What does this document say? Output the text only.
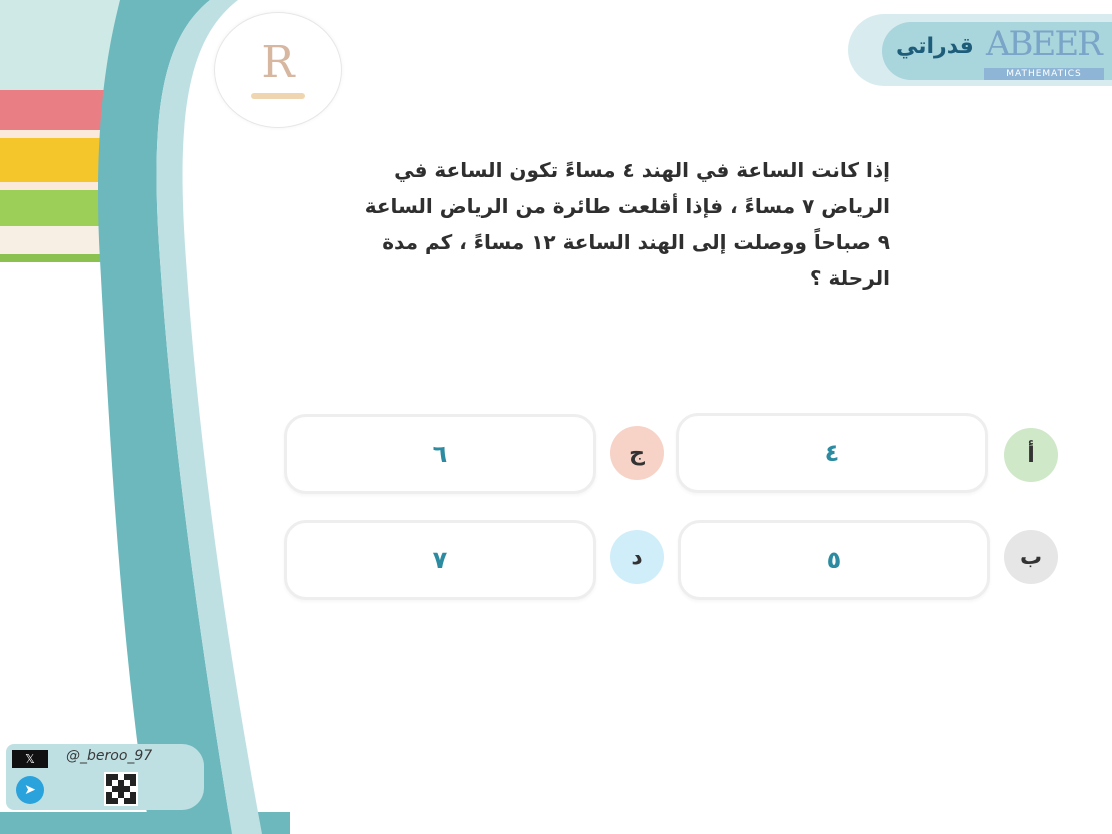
R	قدراتي ABEER
MATHEMATICS
إذا كانت الساعة في الهند ٤ مساءً تكون الساعة في الرياض ٧ مساءً ، فإذا أقلعت طائرة من الرياض الساعة ٩ صباحاً ووصلت إلى الهند الساعة ١٢ مساءً ، كم مدة الرحلة ؟
أ
٤
ب
٥
ج
٦
د
٧
𝕏	@_beroo_97
➤
